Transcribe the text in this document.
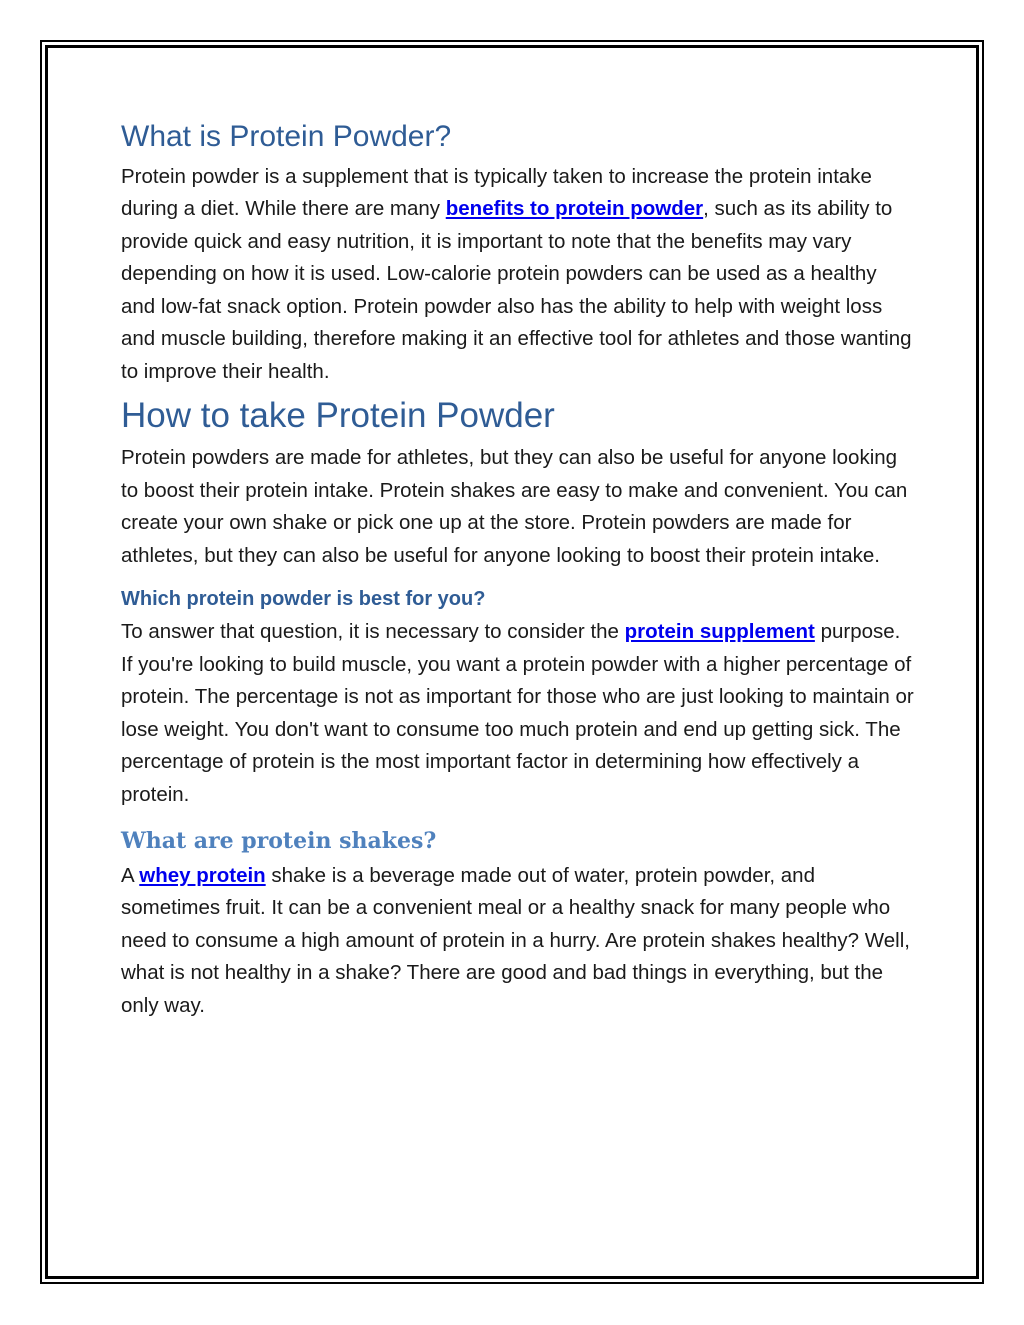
What is Protein Powder?

Protein powder is a supplement that is typically taken to increase the protein intake during a diet. While there are many benefits to protein powder, such as its ability to provide quick and easy nutrition, it is important to note that the benefits may vary depending on how it is used. Low-calorie protein powders can be used as a healthy and low-fat snack option. Protein powder also has the ability to help with weight loss and muscle building, therefore making it an effective tool for athletes and those wanting to improve their health.

How to take Protein Powder

Protein powders are made for athletes, but they can also be useful for anyone looking to boost their protein intake. Protein shakes are easy to make and convenient. You can create your own shake or pick one up at the store. Protein powders are made for athletes, but they can also be useful for anyone looking to boost their protein intake.

Which protein powder is best for you?

To answer that question, it is necessary to consider the protein supplement purpose. If you're looking to build muscle, you want a protein powder with a higher percentage of protein. The percentage is not as important for those who are just looking to maintain or lose weight. You don't want to consume too much protein and end up getting sick. The percentage of protein is the most important factor in determining how effectively a protein.

What are protein shakes?

A whey protein shake is a beverage made out of water, protein powder, and sometimes fruit. It can be a convenient meal or a healthy snack for many people who need to consume a high amount of protein in a hurry. Are protein shakes healthy? Well, what is not healthy in a shake? There are good and bad things in everything, but the only way.
